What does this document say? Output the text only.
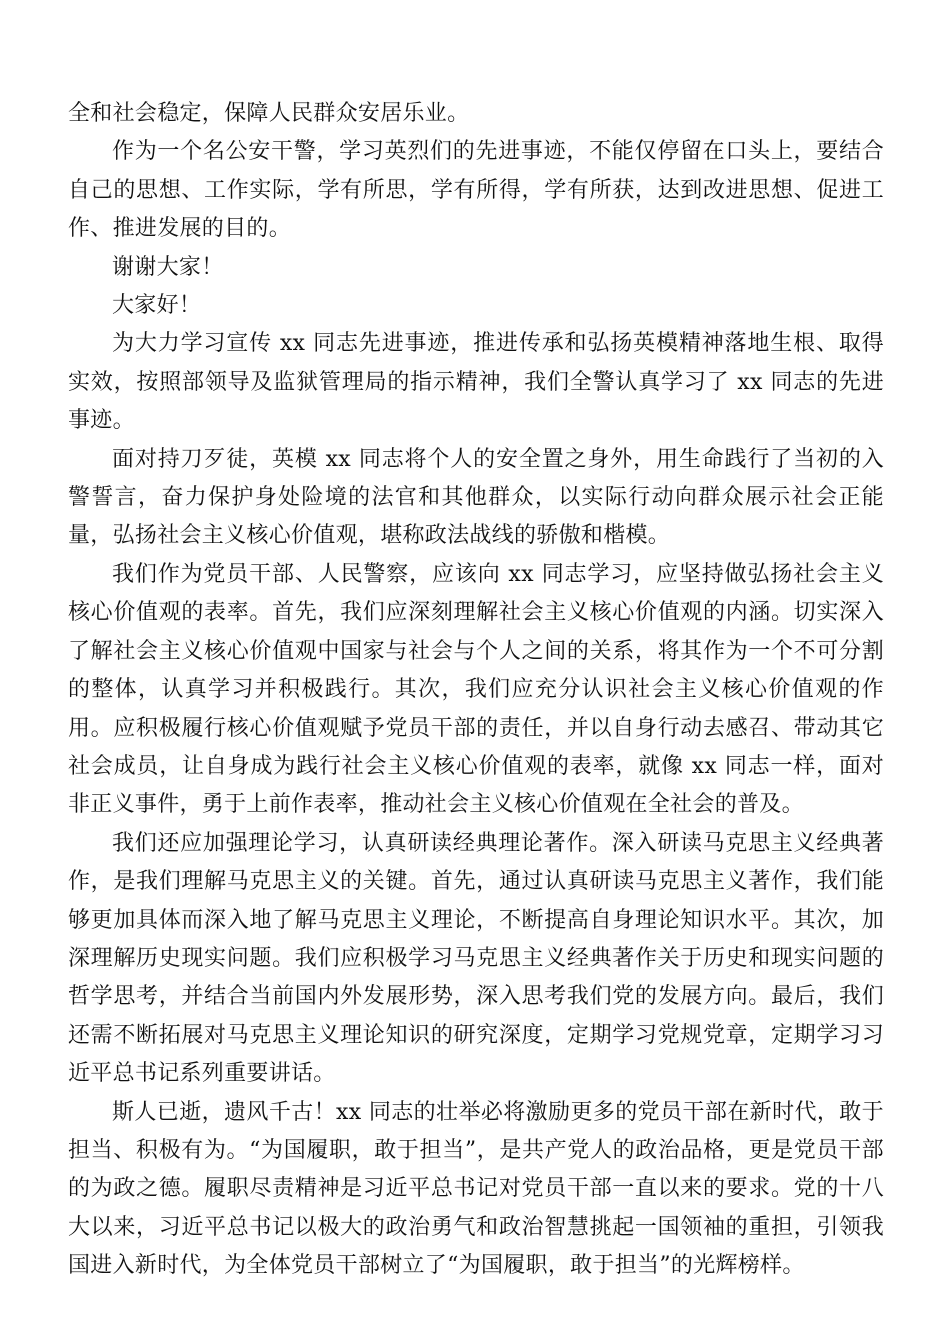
全和社会稳定，保障人民群众安居乐业。

作为一个名公安干警，学习英烈们的先进事迹，不能仅停留在口头上，要结合自己的思想、工作实际，学有所思，学有所得，学有所获，达到改进思想、促进工作、推进发展的目的。

谢谢大家！

大家好！

为大力学习宣传 xx 同志先进事迹，推进传承和弘扬英模精神落地生根、取得实效，按照部领导及监狱管理局的指示精神，我们全警认真学习了 xx 同志的先进事迹。

面对持刀歹徒，英模 xx 同志将个人的安全置之身外，用生命践行了当初的入警誓言，奋力保护身处险境的法官和其他群众，以实际行动向群众展示社会正能量，弘扬社会主义核心价值观，堪称政法战线的骄傲和楷模。

我们作为党员干部、人民警察，应该向 xx 同志学习，应坚持做弘扬社会主义核心价值观的表率。首先，我们应深刻理解社会主义核心价值观的内涵。切实深入了解社会主义核心价值观中国家与社会与个人之间的关系，将其作为一个不可分割的整体，认真学习并积极践行。其次，我们应充分认识社会主义核心价值观的作用。应积极履行核心价值观赋予党员干部的责任，并以自身行动去感召、带动其它社会成员，让自身成为践行社会主义核心价值观的表率，就像 xx 同志一样，面对非正义事件，勇于上前作表率，推动社会主义核心价值观在全社会的普及。

我们还应加强理论学习，认真研读经典理论著作。深入研读马克思主义经典著作，是我们理解马克思主义的关键。首先，通过认真研读马克思主义著作，我们能够更加具体而深入地了解马克思主义理论，不断提高自身理论知识水平。其次，加深理解历史现实问题。我们应积极学习马克思主义经典著作关于历史和现实问题的哲学思考，并结合当前国内外发展形势，深入思考我们党的发展方向。最后，我们还需不断拓展对马克思主义理论知识的研究深度，定期学习党规党章，定期学习习近平总书记系列重要讲话。

斯人已逝，遗风千古！xx 同志的壮举必将激励更多的党员干部在新时代，敢于担当、积极有为。“为国履职，敢于担当”，是共产党人的政治品格，更是党员干部的为政之德。履职尽责精神是习近平总书记对党员干部一直以来的要求。党的十八大以来，习近平总书记以极大的政治勇气和政治智慧挑起一国领袖的重担，引领我国进入新时代，为全体党员干部树立了“为国履职，敢于担当”的光辉榜样。
